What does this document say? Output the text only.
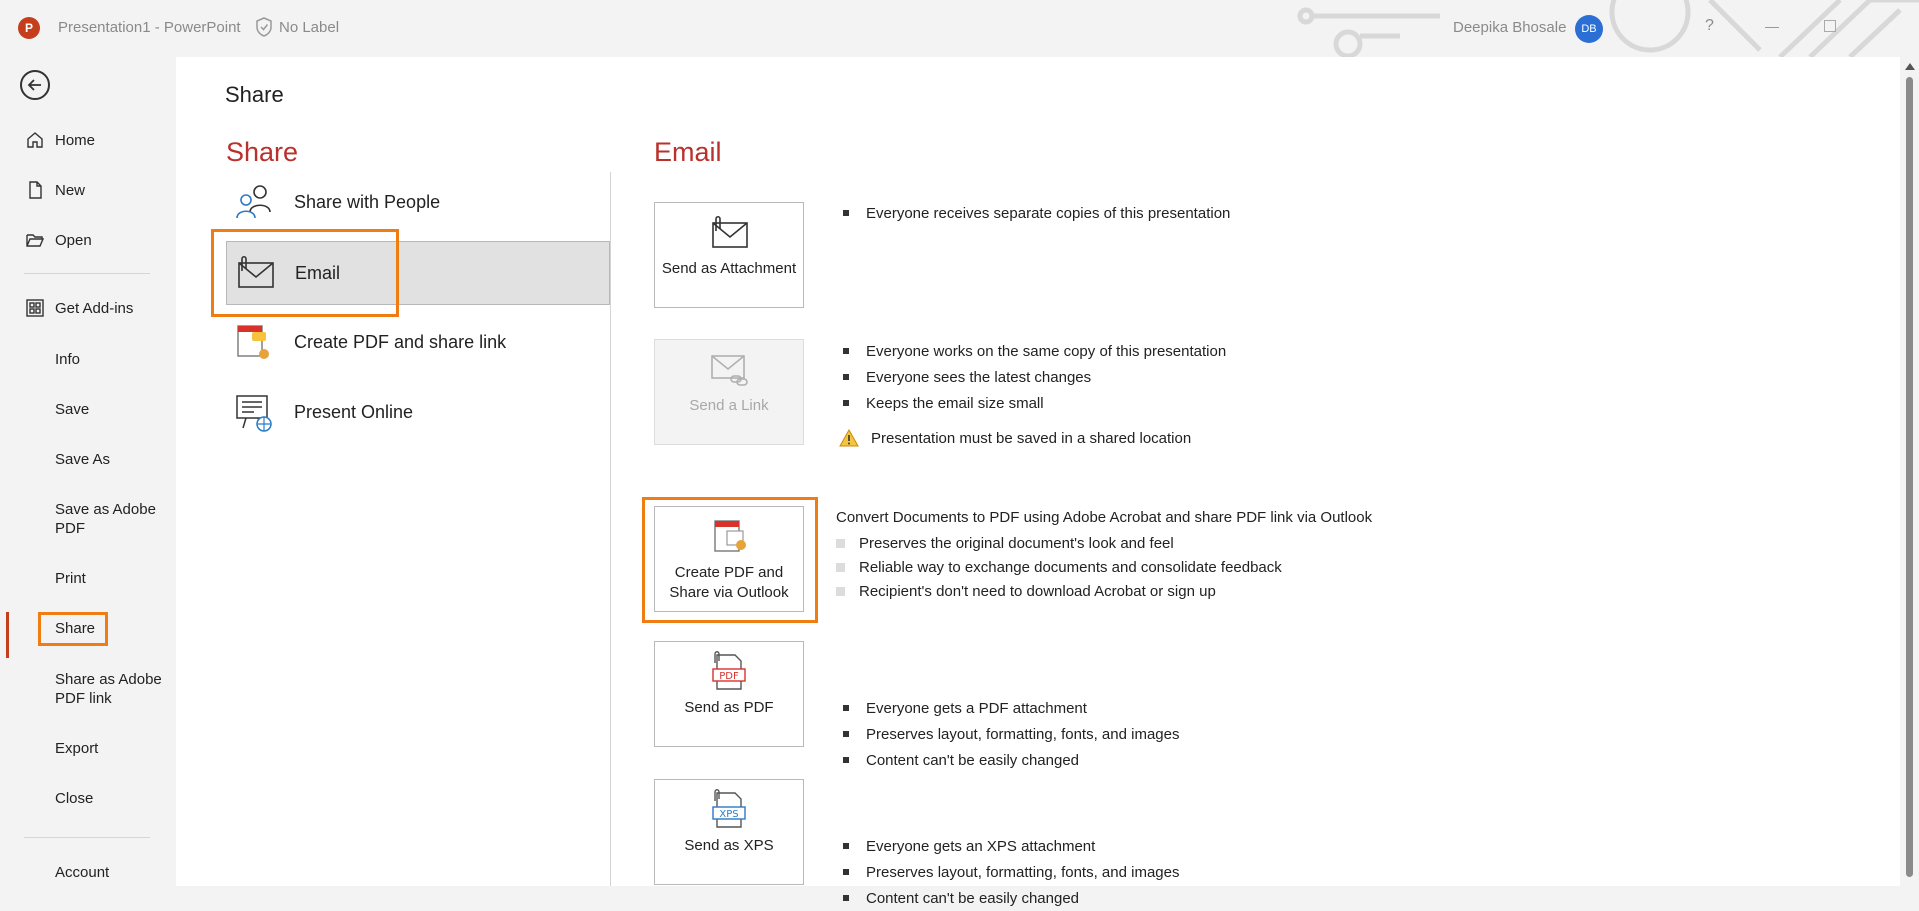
P	Presentation1 - PowerPoint	No Label	Deepika Bhosale	DB	?
Home
New
Open
Get Add-ins
Info
Save
Save As
Save as Adobe PDF
Print
Share
Share as Adobe PDF link
Export
Close
Account
Share
Share	Email
Share with People
Email
Create PDF and share link
Present Online
Send as Attachment
Everyone receives separate copies of this presentation
Send a Link
Everyone works on the same copy of this presentation
Everyone sees the latest changes
Keeps the email size small
Presentation must be saved in a shared location
Create PDF and Share via Outlook
Convert Documents to PDF using Adobe Acrobat and share PDF link via Outlook
Preserves the original document's look and feel
Reliable way to exchange documents and consolidate feedback
Recipient's don't need to download Acrobat or sign up
PDF
Send as PDF	Everyone gets a PDF attachment
Preserves layout, formatting, fonts, and images
Content can't be easily changed
XPS
Send as XPS	Everyone gets an XPS attachment
Preserves layout, formatting, fonts, and images
Content can't be easily changed
